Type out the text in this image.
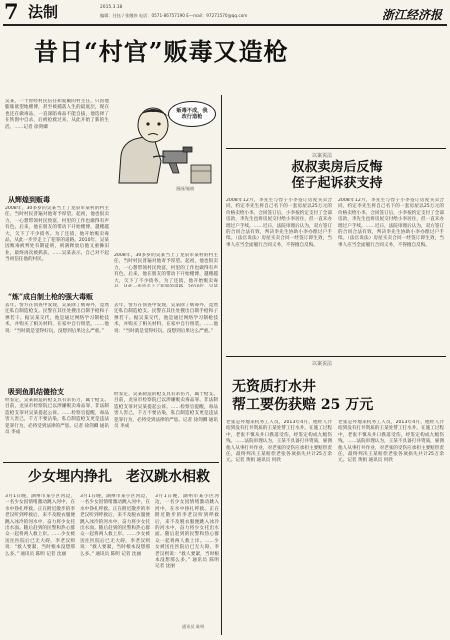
7 法制	2015.3.18
编辑：任钰 / 张继炜 电话：0571-86757190 E—mail：97271570@qq.com	浙江经济报
昔日“村官”贩毒又造枪
吴某，一个曾经村民信任和爱戴的村主任，只因他膨胀欲望地赌博，甚至被捕落人生的最底层，现在也还在做毒品，一直深陷毒品不能自拔，他选择了在铁窗中自杀，后被抢救过来，从此开始了新的生活。……记者 徐剑卿
贩毒不成，我改行造枪
漫画/施晓
从辉煌到贩毒
2008年，30多岁的吴某当上了龙泉市某村的村主任，当时村民普遍对他寄予厚望。起初，他也很卖力，一心想带领村民致富，村里的工作也做得有声有色。后来，他在朋友的带动下开始赌博，越赌越大，欠下了不少债务。为了还债，他开始贩卖毒品，从此一步步走上了犯罪的道路。2010年，吴某因贩毒被判处有期徒刑，刑满释放后他又重操旧业，最终再次被抓获。……吴某表示，自己对不起当初信任他的村民。
2008年，30多岁的吴某当上了龙泉市某村的村主任，当时村民普遍对他寄予厚望。起初，他也很卖力，一心想带领村民致富，村里的工作也做得有声有色。后来，他在朋友的带动下开始赌博，越赌越大，欠下了不少债务。为了还债，他开始贩卖毒
“炼”成自制土枪的强大毒贩
去年，警方在侦查中发现，吴某除了贩毒外，竟然还私自制造枪支。民警在其住处搜出自制手枪和子弹若干。据吴某交代，他是通过网络学习制枪技术，并购买了相关材料，在家中自行组装。……他说：“当时就是觉得好玩，没想到后果这么严重。”
去年，警方在侦查中发现，吴某除了贩毒外，竟然还私自制造枪支。民警在其住处搜出自制手枪和子弹若干。据吴某交代，他是通过网络学习制枪技术，并购买了相关材料，在家中自行组装。……他说：“当时就是觉得好玩，没想到后果这么严重。”
吸到鱼肌结傻拾支
经鉴定，吴某制造的枪支具有杀伤力，属于枪支。目前，龙泉市检察院已以涉嫌贩卖毒品罪、非法制造枪支罪对吴某提起公诉。……检察官提醒，毒品害人害己，千万不要沾染，私自制造枪支更是违法犯罪行为，必将受到法律的严惩。记者 徐剑卿 通讯员 李成
经鉴定，吴某制造的枪支具有杀伤力，属于枪支。目前，龙泉市检察院已以涉嫌贩卖毒品罪、非法制造枪支罪对吴某提起公诉。……检察官提醒，毒品害人害己，千万不要沾染，私自制造枪支更是违法犯罪行为，必将受到法律的严惩。记者 徐剑卿 通讯员 李成
少女埋内挣扎　老汉跳水相救
3月1日晚，湖州市某小区河边，一名少女因情绪激动跳入河中，在水中挣扎呼救。正在附近散步的李老汉听到呼救后，来不及脱衣服便跳入冰冷的河水中，奋力将少女托出水面。随后赶到的民警和热心群众一起将两人救上岸。……少女被送往医院后已无大碍，李老汉则说：“救人要紧，当时根本没想那么多。” 通讯员 陈明 记者 沈丽
3月1日晚，湖州市某小区河边，一名少女因情绪激动跳入河中，在水中挣扎呼救。正在附近散步的李老汉听到呼救后，来不及脱衣服便跳入冰冷的河水中，奋力将少女托出水面。随后赶到的民警和热心群众一起将两人救上岸。……少女被送往医院后已无大碍，李老汉则说：“救人要紧，当时根本没想那么多。” 通讯员 陈明 记者 沈丽
3月1日晚，湖州市某小区河边，一名少女因情绪激动跳入河中，在水中挣扎呼救。正在附近散步的李老汉听到呼救后，来不及脱衣服便跳入冰冷的河水中，奋力将少女托出水面。随后赶到的民警和热心群众一起将两人救上岸。……少女被送往医院后已无大碍，李老汉则说：“救人要紧，当时根本没想那么多。” 通讯员 陈明 记者 沈丽
通讯员 陈明
以案说法
叔叔卖房后反悔
侄子起诉获支持
2008年12月，李先生与侄子小李签订房屋买卖合同，约定李先生将自己名下的一套房屋以25万元的价格卖给小李。合同签订后，小李按约定支付了全部房款，李先生也将房屋交付给小李居住，但一直未办理过户手续。……近日，法院审理后认为，双方签订的合同合法有效，判决李先生协助小李办理过户手续。（法官说法）房屋买卖合同一经签订即生效，当事人应当全面履行合同义务，不得擅自反悔。
2008年12月，李先生与侄子小李签订房屋买卖合同，约定李先生将自己名下的一套房屋以25万元的价格卖给小李。合同签订后，小李按约定支付了全部房款，李先生也将房屋交付给小李居住，但一直未办理过户手续。……近日，法院审理后认为，双方签订的合同合法有效，判决李先生协助小李办理过户手续。（法官说法）房屋买卖合同一经签订即生效，当事人应当全面履行合同义务，不得擅自反悔。
以案说法
无资质打水井
帮工要伤获赔 25 万元
老张是外地来杭务工人员，2013年4月，他经人介绍到没有打井资质的王某处帮工打水井。在施工过程中，老张不慎从井口跌落受伤，经鉴定构成九级伤残。……法院审理认为，王某不具备打井资质，雇佣他人从事打井作业，对老张的受伤应承担主要赔偿责任，最终判决王某赔偿老张各项损失共计25万余元。记者 黄娟 通讯员 何欣
老张是外地来杭务工人员，2013年4月，他经人介绍到没有打井资质的王某处帮工打水井。在施工过程中，老张不慎从井口跌落受伤，经鉴定构成九级伤残。……法院审理认为，王某不具备打井资质，雇佣他人从事打井作业，对老张的受伤应承担主要赔偿责任，最终判决王某赔偿老张各项损失共计25万余元。记者 黄娟 通讯员 何欣
